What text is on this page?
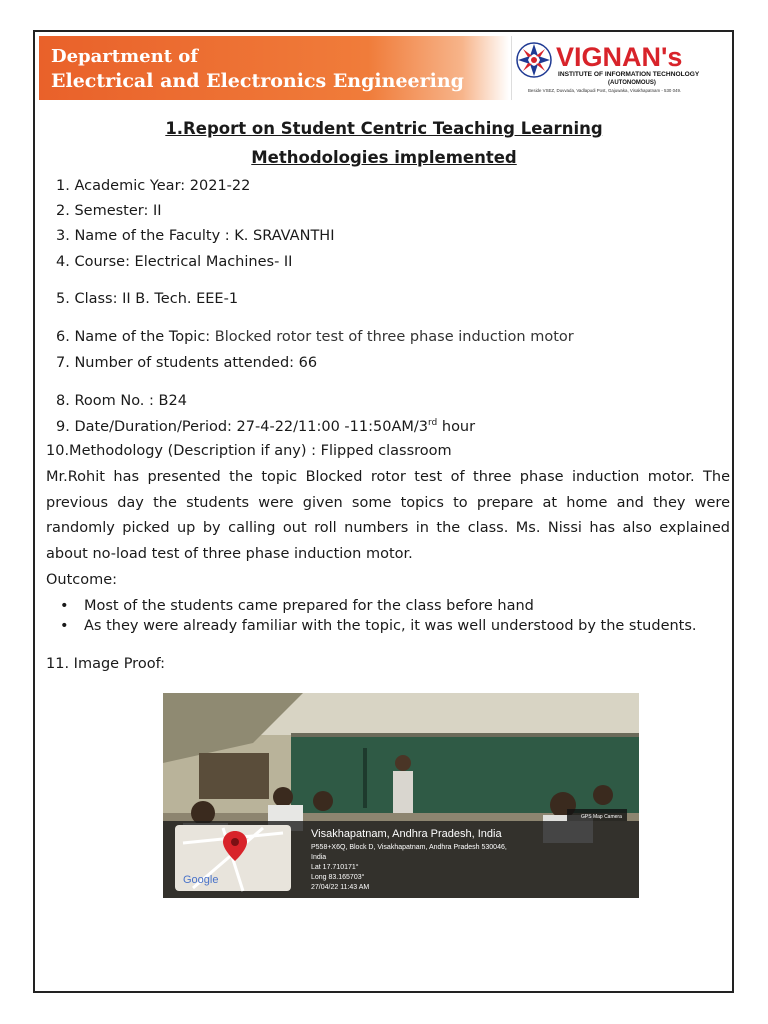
Department of
Electrical and Electronics Engineering
VIGNAN's
INSTITUTE OF INFORMATION TECHNOLOGY
(AUTONOMOUS)
Beside VSEZ, Duvvada, Vadlapudi Post, Gajuwaka, Visakhapatnam - 530 049.
1.Report on Student Centric Teaching Learning
Methodologies implemented
1. Academic Year: 2021-22
2. Semester: II
3. Name of the Faculty : K. SRAVANTHI
4. Course: Electrical Machines- II
5. Class: II B. Tech. EEE-1
6. Name of the Topic: Blocked rotor test of three phase induction motor
7. Number of students attended: 66
8. Room No. : B24
9. Date/Duration/Period: 27-4-22/11:00 -11:50AM/3rd hour
10.Methodology (Description if any) : Flipped classroom
Mr.Rohit has presented the topic Blocked rotor test of three phase induction motor. The previous day the students were given some topics to prepare at home and they were randomly picked up by calling out roll numbers in the class. Ms. Nissi has also explained about no-load test of three phase induction motor.
Outcome:
• Most of the students came prepared for the class before hand
• As they were already familiar with the topic, it was well understood by the students.
11. Image Proof:
GPS Map Camera
Google
Visakhapatnam, Andhra Pradesh, India
P558+X6Q, Block D, Visakhapatnam, Andhra Pradesh 530046,
India
Lat 17.710171°
Long 83.165703°
27/04/22 11:43 AM
